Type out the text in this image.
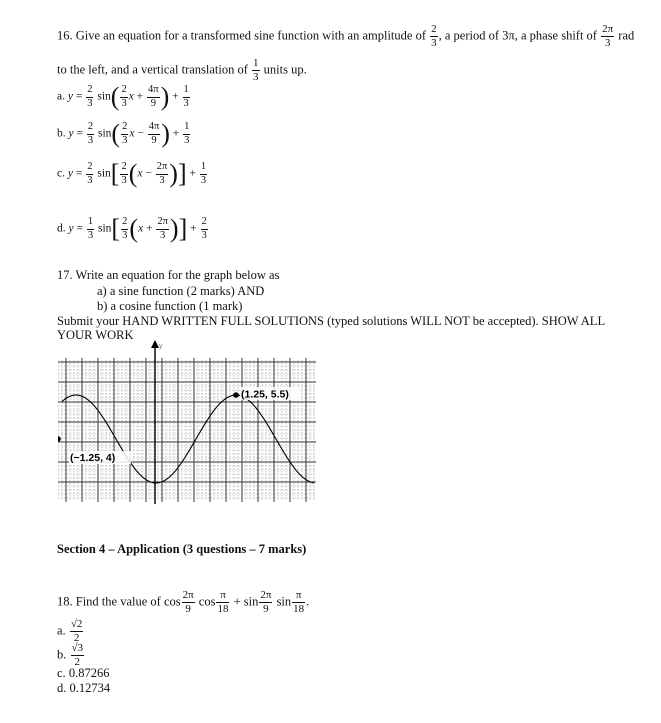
16. Give an equation for a transformed sine function with an amplitude of $\frac{2}{3}$ , a period of 3π, a phase shift of $\frac{2\pi}{3}$ rad
to the left, and a vertical translation of $\frac{1}{3}$ units up.
a. $y = \frac{2}{3} \sin( \frac{2}{3}$ $x + \frac{4\pi}{9}$ ) + $\frac{1}{3}$
b. $y = \frac{2}{3} \sin( \frac{2}{3}$ $x - \frac{4\pi}{9}$ ) + $\frac{1}{3}$
c. $y = \frac{2}{3} \sin[ \frac{2}{3} (x - \frac{2\pi}{3}$ )] + $\frac{1}{3}$
d. $y = \frac{1}{3} \sin[ \frac{2}{3} (x + \frac{2\pi}{3}$ )] + $\frac{2}{3}$
17. Write an equation for the graph below as
a) a sine function (2 marks) AND
b) a cosine function (1 mark)
Submit your HAND WRITTEN FULL SOLUTIONS (typed solutions WILL NOT be accepted). SHOW ALL
YOUR WORK
y
(1.25, 5.5)
(−1.25, 4)
Section 4 – Application (3 questions – 7 marks)
18. Find the value of $\cos \frac{2\pi}{9}$ $\cos \frac{\pi}{18} + \sin \frac{2\pi}{9}$ $\sin \frac{\pi}{18}$ .
a. $\frac{√2}{2}$
b. $\frac{√3}{2}$
c. 0.87266
d. 0.12734
